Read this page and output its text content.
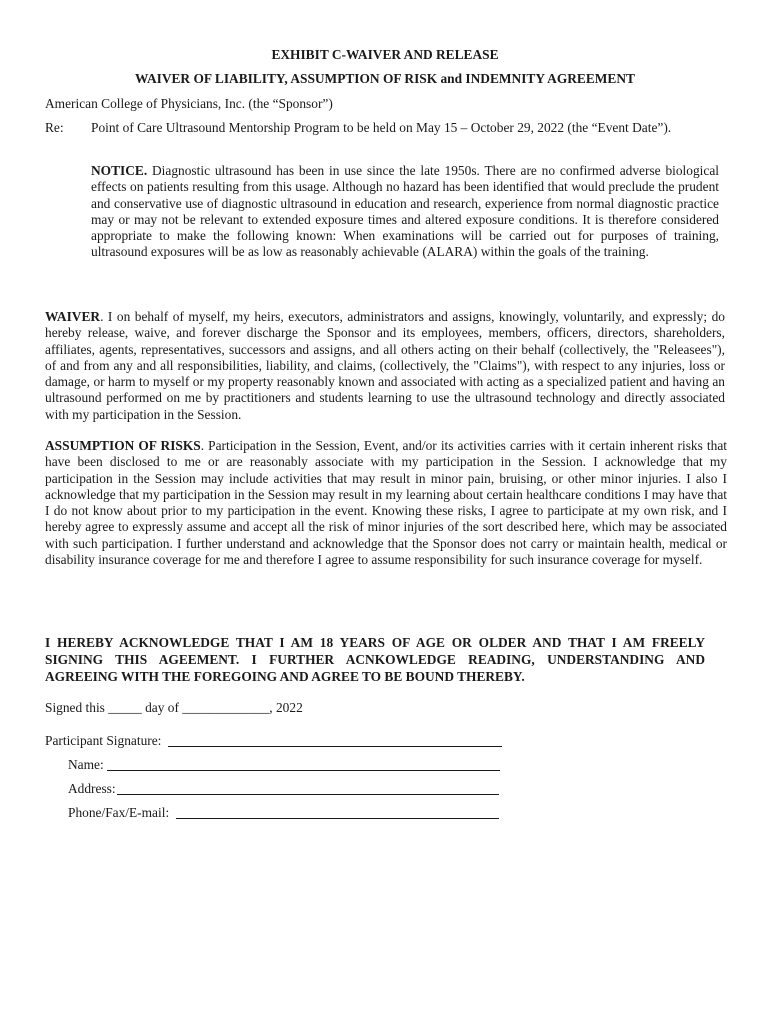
EXHIBIT C-WAIVER AND RELEASE
WAIVER OF LIABILITY, ASSUMPTION OF RISK and INDEMNITY AGREEMENT
American College of Physicians, Inc. (the “Sponsor”)
Re: Point of Care Ultrasound Mentorship Program to be held on May 15 – October 29, 2022 (the “Event Date”).
NOTICE. Diagnostic ultrasound has been in use since the late 1950s. There are no confirmed adverse biological effects on patients resulting from this usage. Although no hazard has been identified that would preclude the prudent and conservative use of diagnostic ultrasound in education and research, experience from normal diagnostic practice may or may not be relevant to extended exposure times and altered exposure conditions. It is therefore considered appropriate to make the following known: When examinations will be carried out for purposes of training, ultrasound exposures will be as low as reasonably achievable (ALARA) within the goals of the training.
WAIVER. I on behalf of myself, my heirs, executors, administrators and assigns, knowingly, voluntarily, and expressly; do hereby release, waive, and forever discharge the Sponsor and its employees, members, officers, directors, shareholders, affiliates, agents, representatives, successors and assigns, and all others acting on their behalf (collectively, the "Releasees"), of and from any and all responsibilities, liability, and claims, (collectively, the "Claims"), with respect to any injuries, loss or damage, or harm to myself or my property reasonably known and associated with acting as a specialized patient and having an ultrasound performed on me by practitioners and students learning to use the ultrasound technology and directly associated with my participation in the Session.
ASSUMPTION OF RISKS. Participation in the Session, Event, and/or its activities carries with it certain inherent risks that have been disclosed to me or are reasonably associate with my participation in the Session. I acknowledge that my participation in the Session may include activities that may result in minor pain, bruising, or other minor injuries. I also I acknowledge that my participation in the Session may result in my learning about certain healthcare conditions I may have that I do not know about prior to my participation in the event. Knowing these risks, I agree to participate at my own risk, and I hereby agree to expressly assume and accept all the risk of minor injuries of the sort described here, which may be associated with such participation. I further understand and acknowledge that the Sponsor does not carry or maintain health, medical or disability insurance coverage for me and therefore I agree to assume responsibility for such insurance coverage for myself.
I HEREBY ACKNOWLEDGE THAT I AM 18 YEARS OF AGE OR OLDER AND THAT I AM FREELY SIGNING THIS AGEEMENT. I FURTHER ACNKOWLEDGE READING, UNDERSTANDING AND AGREEING WITH THE FOREGOING AND AGREE TO BE BOUND THEREBY.
Signed this _____ day of _____________, 2022
Participant Signature:
Name:
Address:
Phone/Fax/E-mail:
